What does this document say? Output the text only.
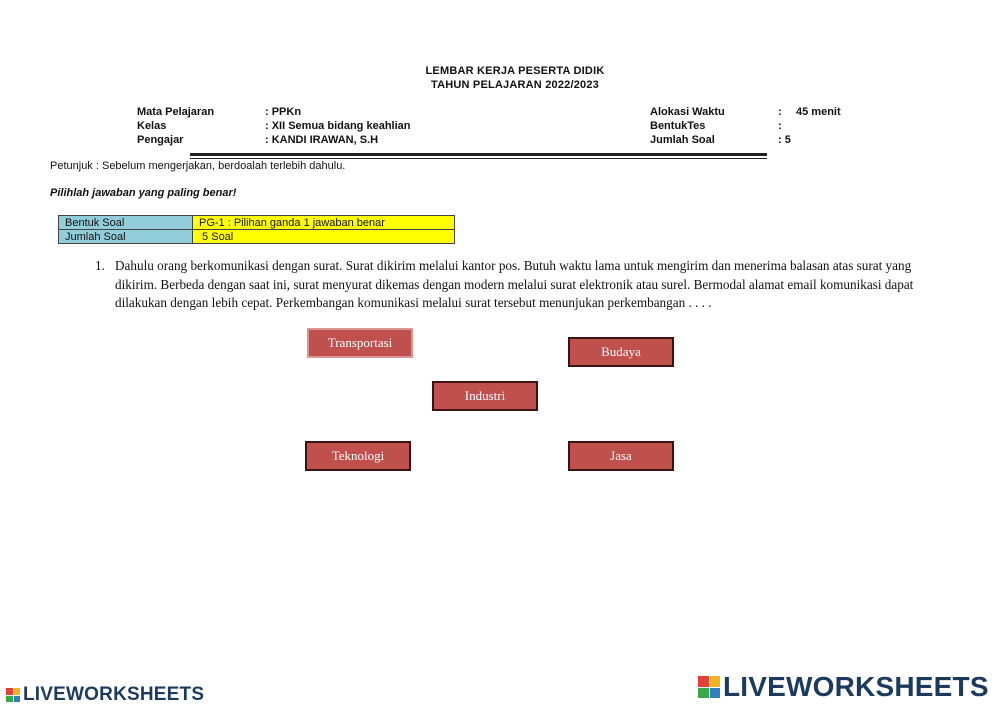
LEMBAR KERJA PESERTA DIDIK
TAHUN PELAJARAN 2022/2023
Mata Pelajaran	: PPKn
Kelas	: XII Semua bidang keahlian
Pengajar	: KANDI IRAWAN, S.H
Alokasi Waktu	: 45 menit
BentukTes	:
Jumlah Soal	: 5
Petunjuk : Sebelum mengerjakan, berdoalah terlebih dahulu.
Pilihlah jawaban yang paling benar!
Bentuk Soal	PG-1 : Pilihan ganda 1 jawaban benar
Jumlah Soal	5 Soal
1. Dahulu orang berkomunikasi dengan surat. Surat dikirim melalui kantor pos. Butuh waktu lama untuk mengirim dan menerima balasan atas surat yang dikirim. Berbeda dengan saat ini, surat menyurat dikemas dengan modern melalui surat elektronik atau surel. Bermodal alamat email komunikasi dapat dilakukan dengan lebih cepat. Perkembangan komunikasi melalui surat tersebut menunjukan perkembangan . . . .
Transportasi
Budaya
Industri
Teknologi	Jasa
LIVEWORKSHEETS	LIVEWORKSHEETS
